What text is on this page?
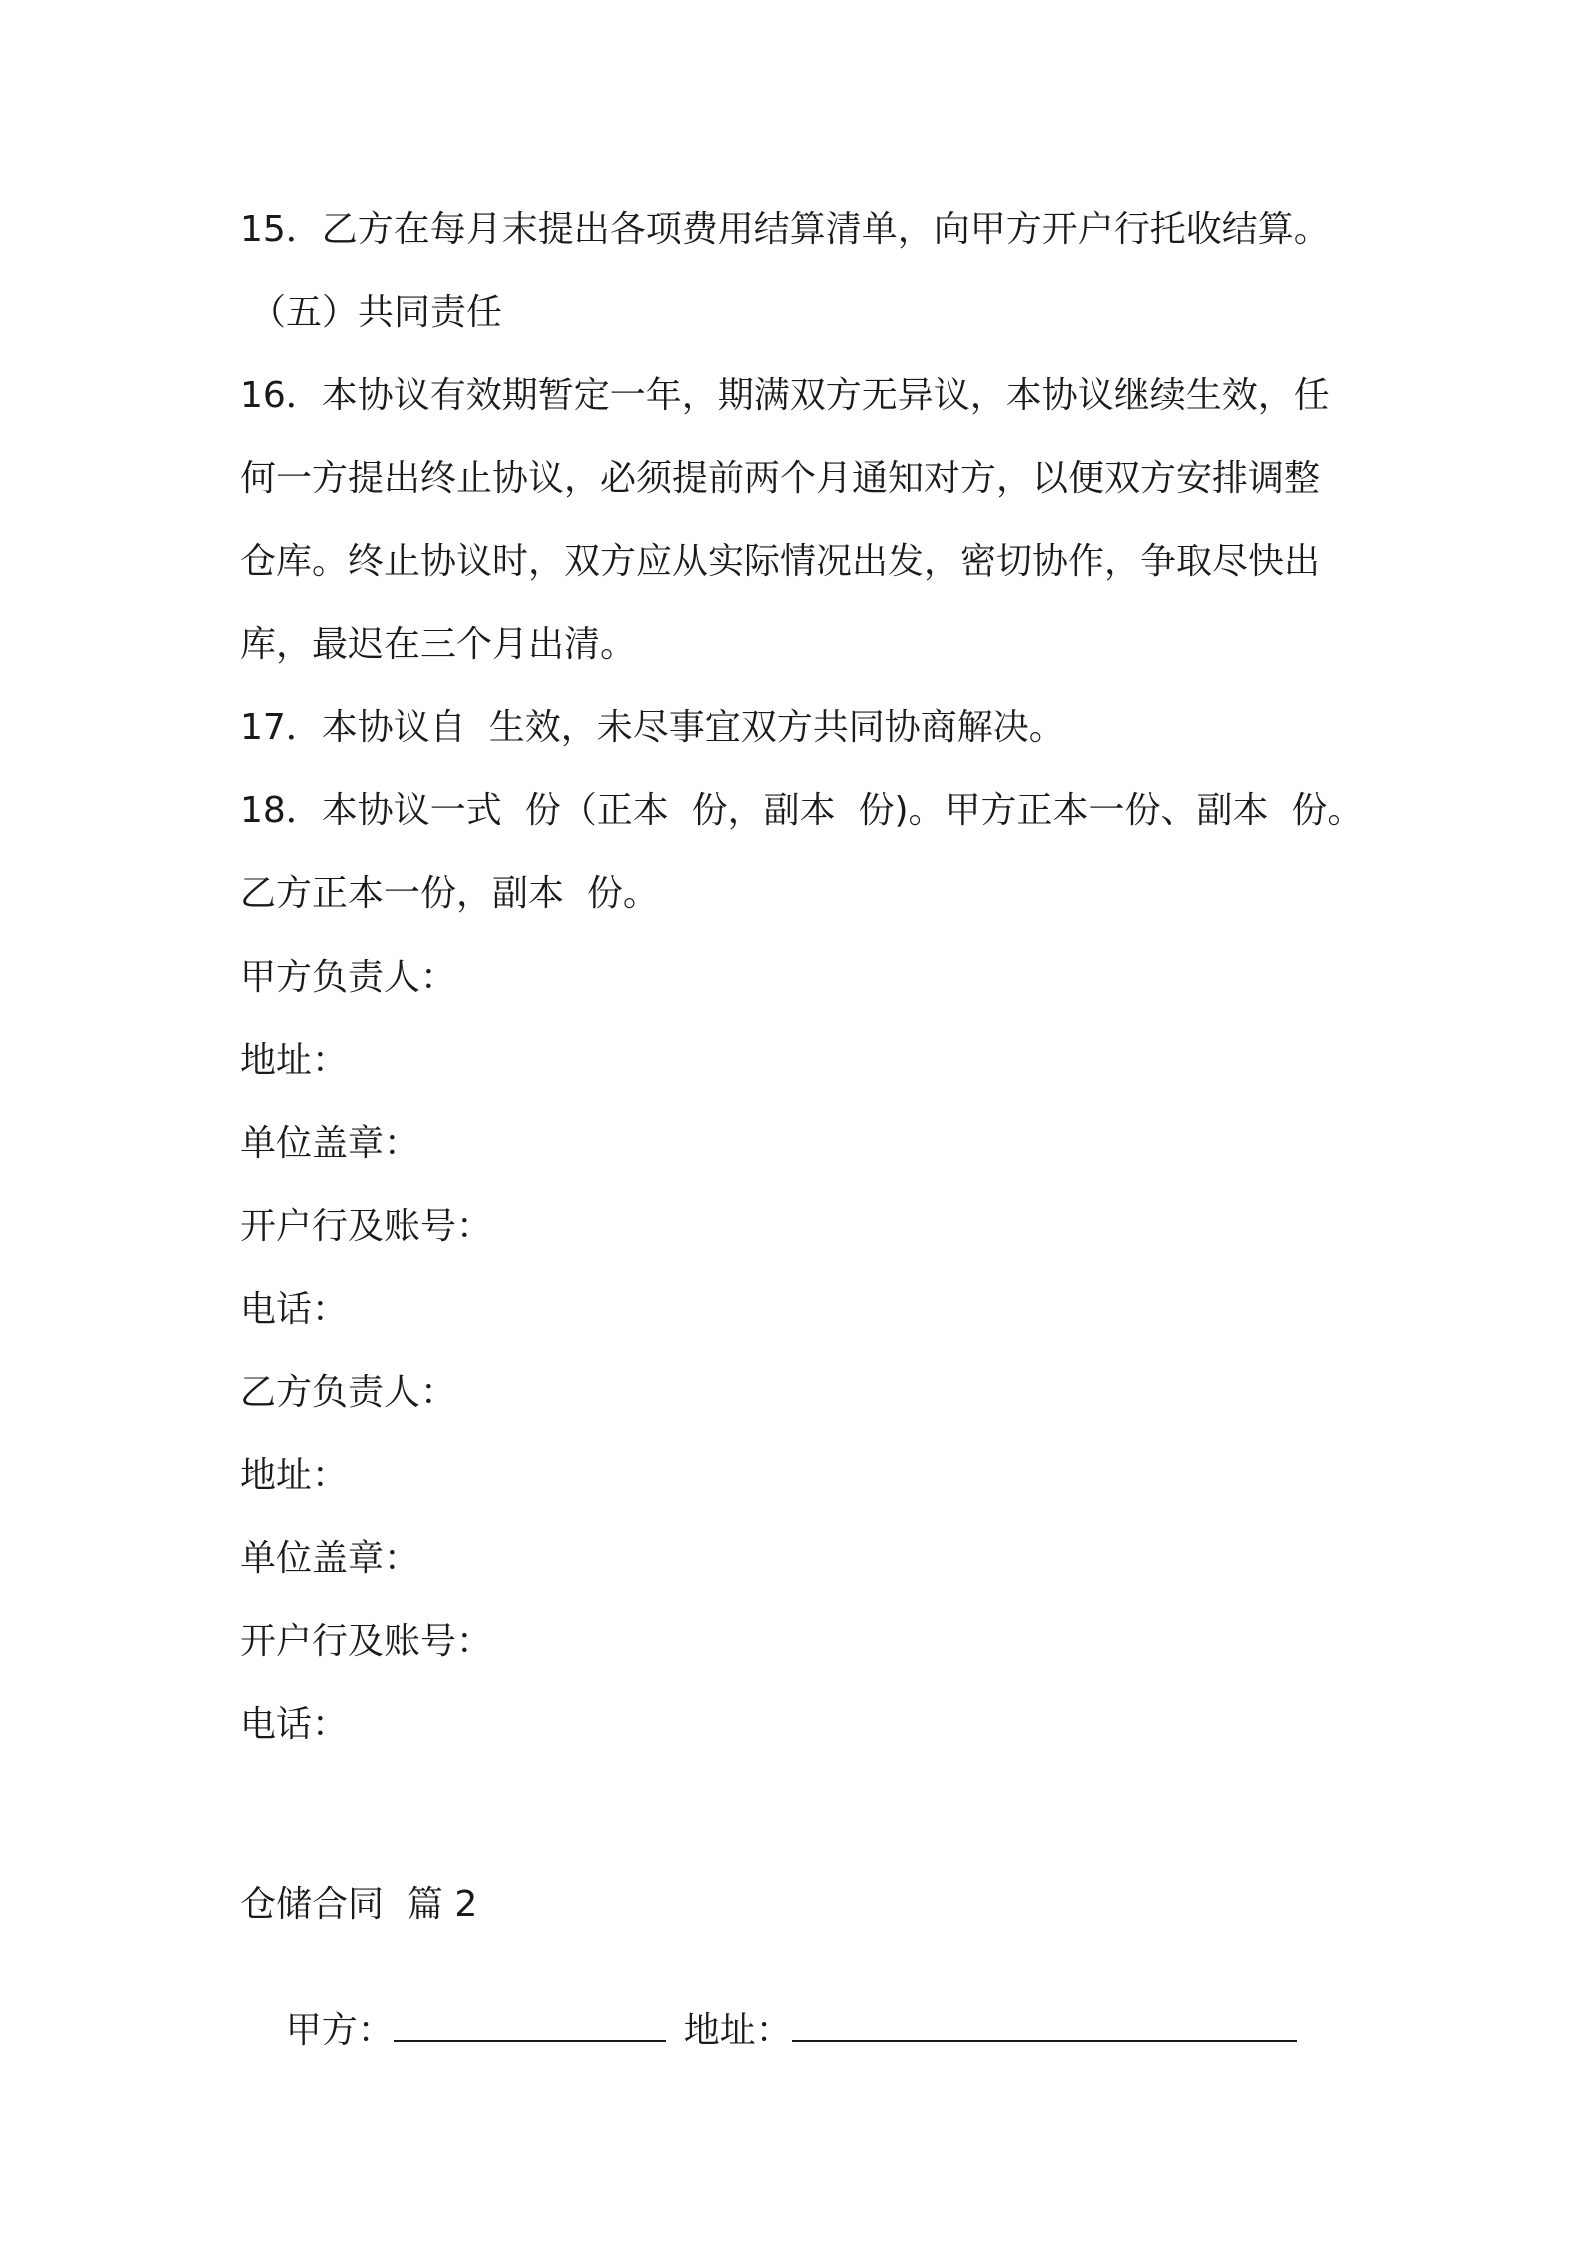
15．乙方在每月末提出各项费用结算清单，向甲方开户行托收结算。
（五）共同责任
16．本协议有效期暂定一年，期满双方无异议，本协议继续生效，任
何一方提出终止协议，必须提前两个月通知对方，以便双方安排调整
仓库。终止协议时，双方应从实际情况出发，密切协作，争取尽快出
库，最迟在三个月出清。
17．本协议自  生效，未尽事宜双方共同协商解决。
18．本协议一式  份（正本  份，副本  份)。甲方正本一份、副本  份。
乙方正本一份，副本  份。
甲方负责人：
地址：
单位盖章：
开户行及账号：
电话：
乙方负责人：
地址：
单位盖章：
开户行及账号：
电话：
仓储合同  篇 2

甲方：	地址：
